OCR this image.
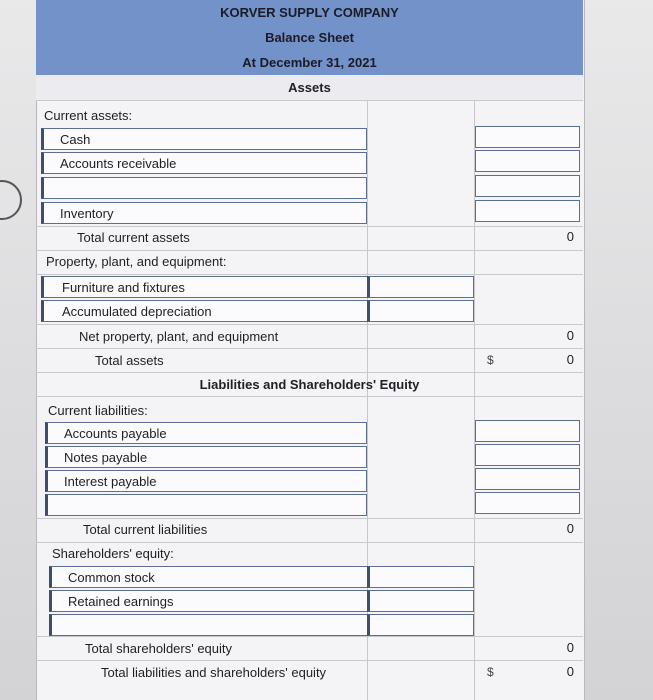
KORVER SUPPLY COMPANY
Balance Sheet
At December 31, 2021
Assets
Current assets:
Cash
Accounts receivable
Inventory
Total current assets	0
Property, plant, and equipment:
Furniture and fixtures
Accumulated depreciation
Net property, plant, and equipment	0
Total assets	$	0
Liabilities and Shareholders' Equity
Current liabilities:
Accounts payable
Notes payable
Interest payable
Total current liabilities	0
Shareholders' equity:
Common stock
Retained earnings
Total shareholders' equity	0
Total liabilities and shareholders' equity	$	0
